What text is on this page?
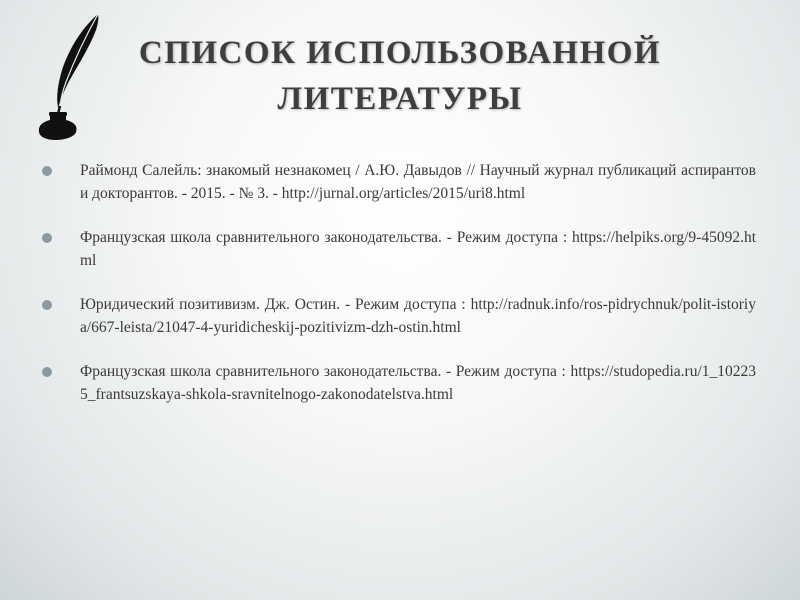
СПИСОК ИСПОЛЬЗОВАННОЙ
ЛИТЕРАТУРЫ
Раймонд Салейль: знакомый незнакомец / А.Ю. Давыдов // Научный журнал публикаций аспирантов и докторантов. - 2015. - № 3. - http://jurnal.org/articles/2015/uri8.html
Французская школа сравнительного законодательства. - Режим доступа : https://helpiks.org/9-45092.html
Юридический позитивизм. Дж. Остин. - Режим доступа : http://radnuk.info/ros-pidrychnuk/polit-istoriya/667-leista/21047-4-yuridicheskij-pozitivizm-dzh-ostin.html
Французская школа сравнительного законодательства. - Режим доступа : https://studopedia.ru/1_102235_frantsuzskaya-shkola-sravnitelnogo-zakonodatelstva.html
